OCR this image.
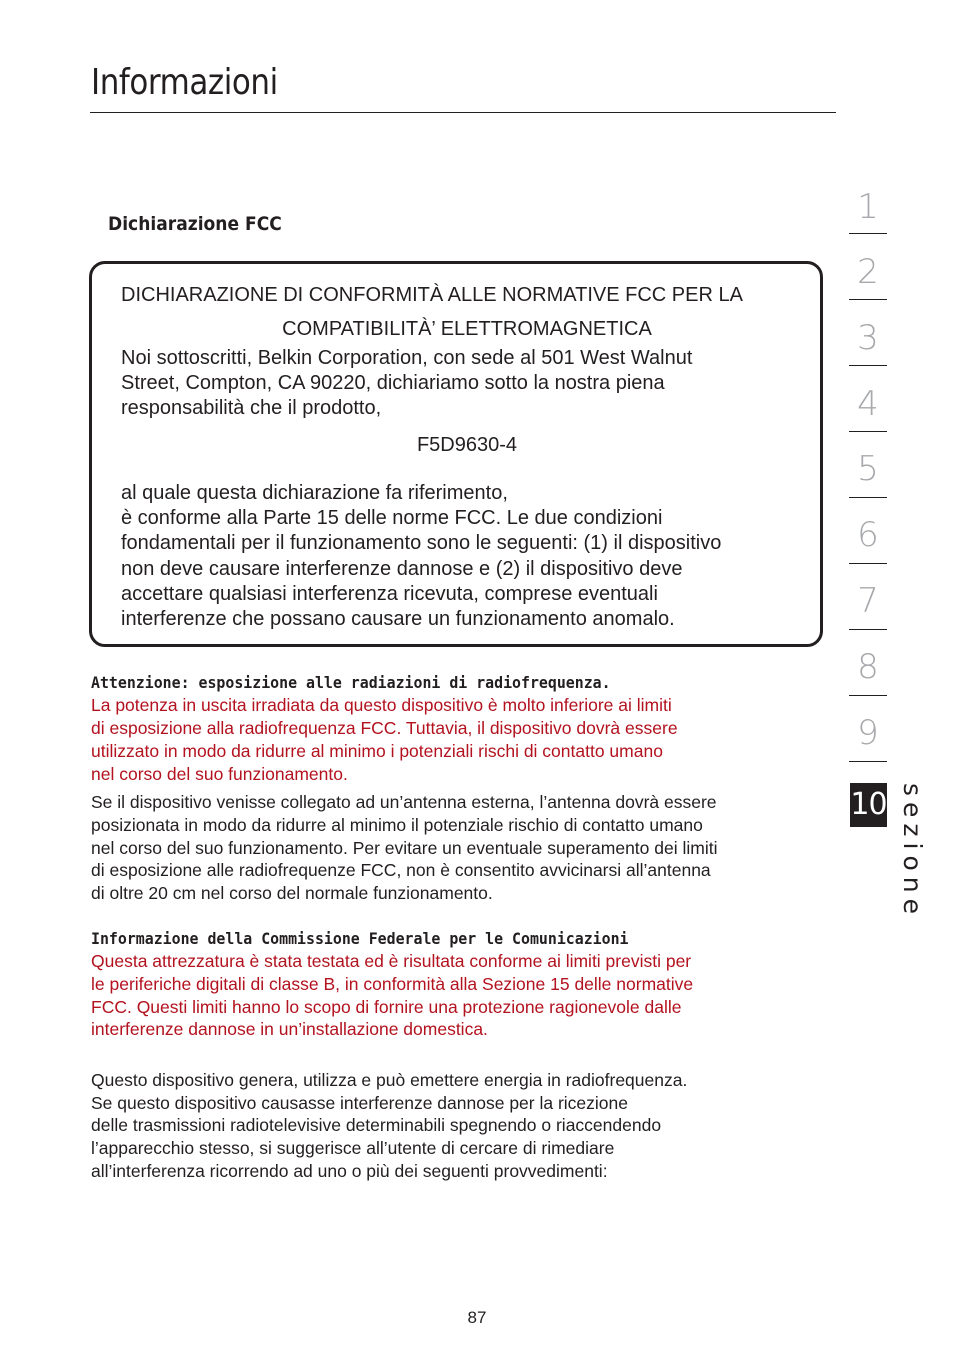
Informazioni
Dichiarazione FCC
DICHIARAZIONE DI CONFORMITÀ ALLE NORMATIVE FCC PER LA
COMPATIBILITÀ’ ELETTROMAGNETICA
Noi sottoscritti, Belkin Corporation, con sede al 501 West Walnut
Street, Compton, CA 90220, dichiariamo sotto la nostra piena
responsabilità che il prodotto,
F5D9630-4
al quale questa dichiarazione fa riferimento,
è conforme alla Parte 15 delle norme FCC. Le due condizioni
fondamentali per il funzionamento sono le seguenti: (1) il dispositivo
non deve causare interferenze dannose e (2) il dispositivo deve
accettare qualsiasi interferenza ricevuta, comprese eventuali
interferenze che possano causare un funzionamento anomalo.
Attenzione: esposizione alle radiazioni di radiofrequenza.
La potenza in uscita irradiata da questo dispositivo è molto inferiore ai limiti
di esposizione alla radiofrequenza FCC. Tuttavia, il dispositivo dovrà essere
utilizzato in modo da ridurre al minimo i potenziali rischi di contatto umano
nel corso del suo funzionamento.
Se il dispositivo venisse collegato ad un’antenna esterna, l’antenna dovrà essere
posizionata in modo da ridurre al minimo il potenziale rischio di contatto umano
nel corso del suo funzionamento. Per evitare un eventuale superamento dei limiti
di esposizione alle radiofrequenze FCC, non è consentito avvicinarsi all’antenna
di oltre 20 cm nel corso del normale funzionamento.
Informazione della Commissione Federale per le Comunicazioni
Questa attrezzatura è stata testata ed è risultata conforme ai limiti previsti per
le periferiche digitali di classe B, in conformità alla Sezione 15 delle normative
FCC. Questi limiti hanno lo scopo di fornire una protezione ragionevole dalle
interferenze dannose in un’installazione domestica.
Questo dispositivo genera, utilizza e può emettere energia in radiofrequenza.
Se questo dispositivo causasse interferenze dannose per la ricezione
delle trasmissioni radiotelevisive determinabili spegnendo o riaccendendo
l’apparecchio stesso, si suggerisce all’utente di cercare di rimediare
all’interferenza ricorrendo ad uno o più dei seguenti provvedimenti:
1
2
3
4
5
6
7
8
9
10 sezione
87
